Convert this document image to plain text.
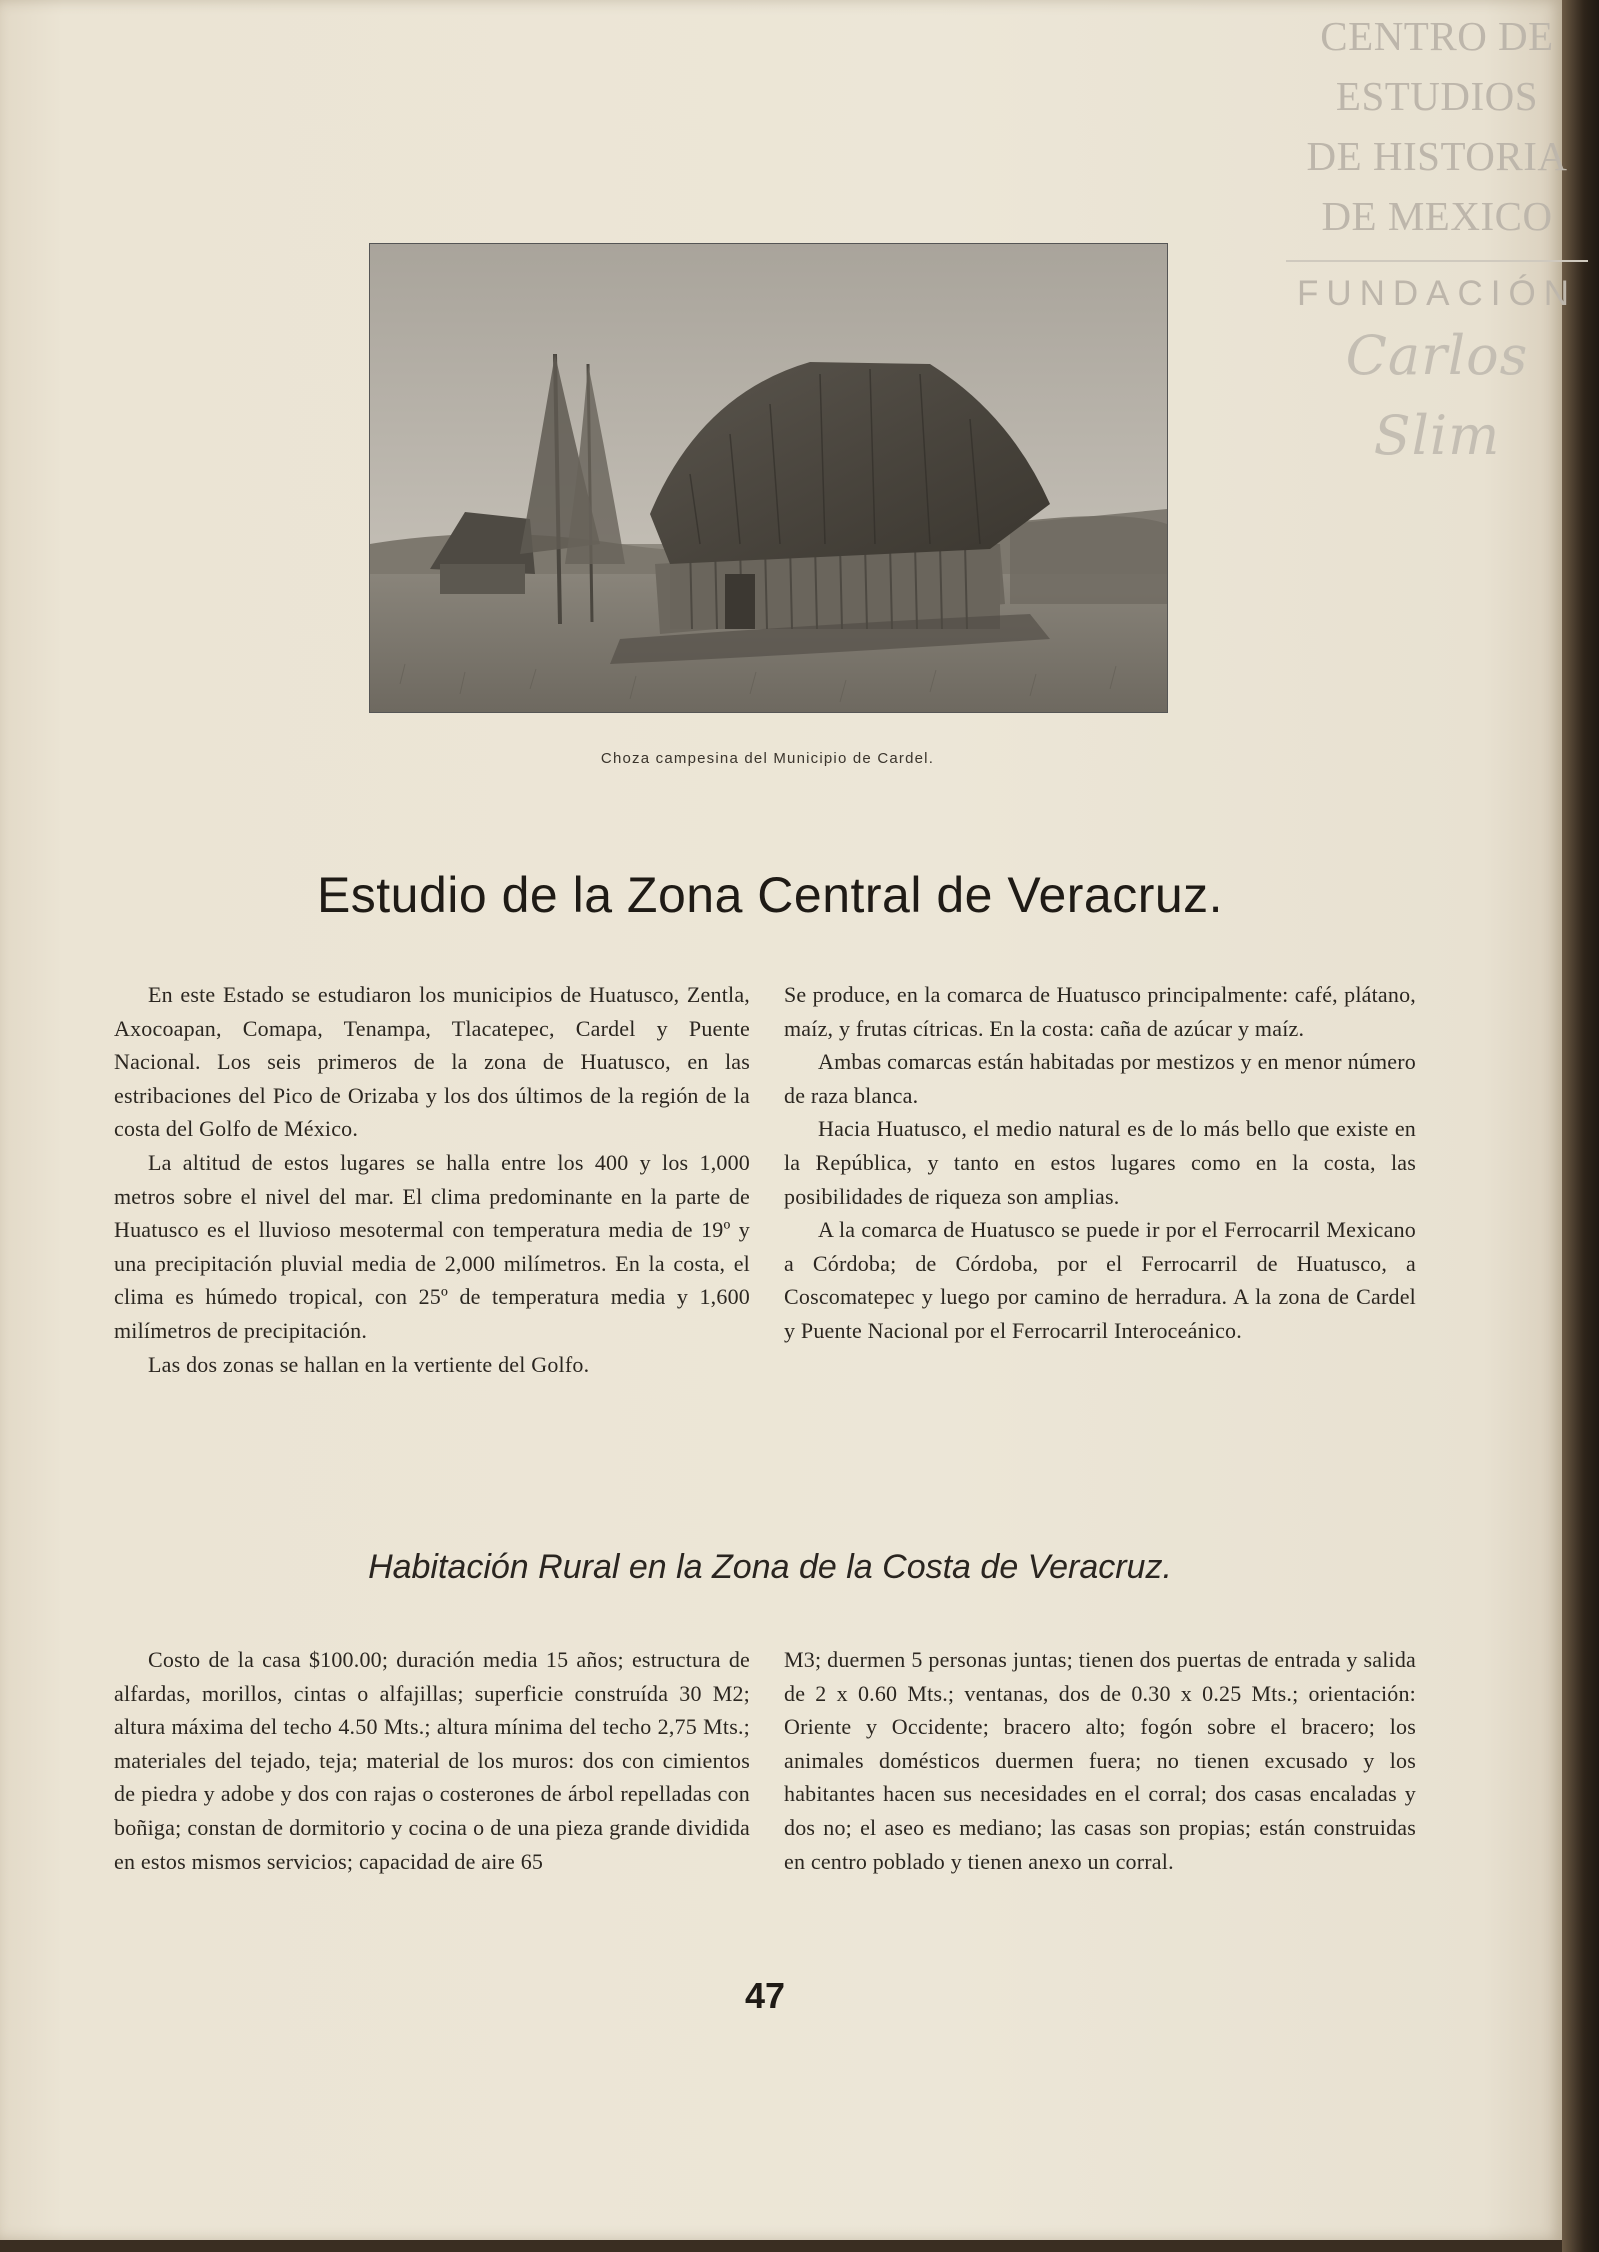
CENTRO DE
ESTUDIOS
DE HISTORIA
DE MEXICO
FUNDACIÓN
Carlos Slim
Choza campesina del Municipio de Cardel.
Estudio de la Zona Central de Veracruz.

En este Estado se estudiaron los municipios de Huatusco, Zentla, Axocoapan, Comapa, Tenampa, Tlacatepec, Cardel y Puente Nacional. Los seis primeros de la zona de Huatusco, en las estribaciones del Pico de Orizaba y los dos últimos de la región de la costa del Golfo de México.

La altitud de estos lugares se halla entre los 400 y los 1,000 metros sobre el nivel del mar. El clima predominante en la parte de Huatusco es el lluvioso mesotermal con temperatura media de 19º y una precipitación pluvial media de 2,000 milímetros. En la costa, el clima es húmedo tropical, con 25º de temperatura media y 1,600 milímetros de precipitación.

Las dos zonas se hallan en la vertiente del Golfo.

Se produce, en la comarca de Huatusco principalmente: café, plátano, maíz, y frutas cítricas. En la costa: caña de azúcar y maíz.

Ambas comarcas están habitadas por mestizos y en menor número de raza blanca.

Hacia Huatusco, el medio natural es de lo más bello que existe en la República, y tanto en estos lugares como en la costa, las posibilidades de riqueza son amplias.

A la comarca de Huatusco se puede ir por el Ferrocarril Mexicano a Córdoba; de Córdoba, por el Ferrocarril de Huatusco, a Coscomatepec y luego por camino de herradura. A la zona de Cardel y Puente Nacional por el Ferrocarril Interoceánico.

Habitación Rural en la Zona de la Costa de Veracruz.

Costo de la casa $100.00; duración media 15 años; estructura de alfardas, morillos, cintas o alfajillas; superficie construída 30 M2; altura máxima del techo 4.50 Mts.; altura mínima del techo 2,75 Mts.; materiales del tejado, teja; material de los muros: dos con cimientos de piedra y adobe y dos con rajas o costerones de árbol repelladas con boñiga; constan de dormitorio y cocina o de una pieza grande dividida en estos mismos servicios; capacidad de aire 65

M3; duermen 5 personas juntas; tienen dos puertas de entrada y salida de 2 x 0.60 Mts.; ventanas, dos de 0.30 x 0.25 Mts.; orientación: Oriente y Occidente; bracero alto; fogón sobre el bracero; los animales domésticos duermen fuera; no tienen excusado y los habitantes hacen sus necesidades en el corral; dos casas encaladas y dos no; el aseo es mediano; las casas son propias; están construidas en centro poblado y tienen anexo un corral.

47
